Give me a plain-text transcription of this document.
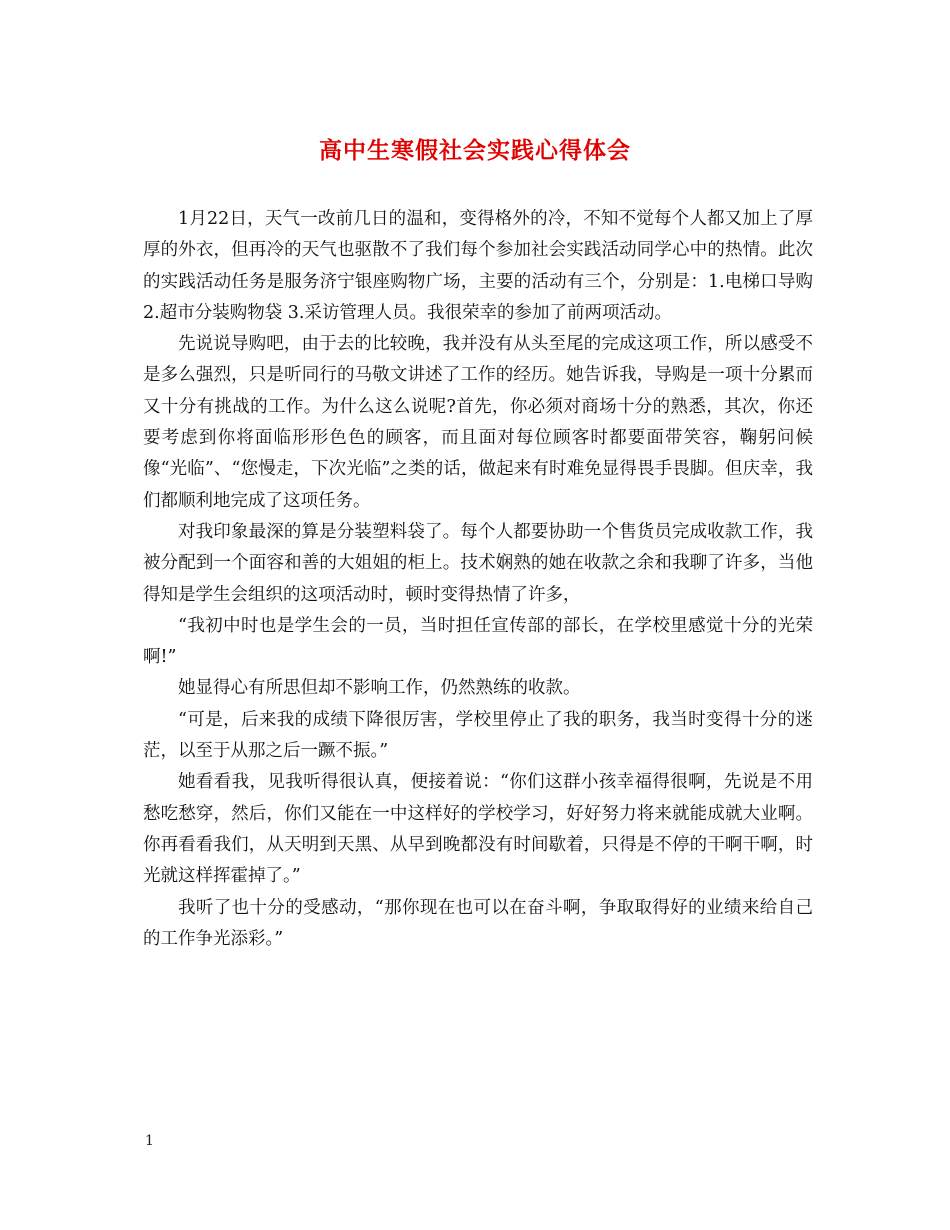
高中生寒假社会实践心得体会

1月22日，天气一改前几日的温和，变得格外的冷，不知不觉每个人都又加上了厚厚的外衣，但再冷的天气也驱散不了我们每个参加社会实践活动同学心中的热情。此次的实践活动任务是服务济宁银座购物广场，主要的活动有三个，分别是：1.电梯口导购 2.超市分装购物袋 3.采访管理人员。我很荣幸的参加了前两项活动。

先说说导购吧，由于去的比较晚，我并没有从头至尾的完成这项工作，所以感受不是多么强烈，只是听同行的马敬文讲述了工作的经历。她告诉我，导购是一项十分累而又十分有挑战的工作。为什么这么说呢?首先，你必须对商场十分的熟悉，其次，你还要考虑到你将面临形形色色的顾客，而且面对每位顾客时都要面带笑容，鞠躬问候像“光临”、“您慢走，下次光临”之类的话，做起来有时难免显得畏手畏脚。但庆幸，我们都顺利地完成了这项任务。

对我印象最深的算是分装塑料袋了。每个人都要协助一个售货员完成收款工作，我被分配到一个面容和善的大姐姐的柜上。技术娴熟的她在收款之余和我聊了许多，当他得知是学生会组织的这项活动时，顿时变得热情了许多，

“我初中时也是学生会的一员，当时担任宣传部的部长，在学校里感觉十分的光荣啊!”

她显得心有所思但却不影响工作，仍然熟练的收款。

“可是，后来我的成绩下降很厉害，学校里停止了我的职务，我当时变得十分的迷茫，以至于从那之后一蹶不振。”

她看看我，见我听得很认真，便接着说：“你们这群小孩幸福得很啊，先说是不用愁吃愁穿，然后，你们又能在一中这样好的学校学习，好好努力将来就能成就大业啊。你再看看我们，从天明到天黑、从早到晚都没有时间歇着，只得是不停的干啊干啊，时光就这样挥霍掉了。”

我听了也十分的受感动，“那你现在也可以在奋斗啊，争取取得好的业绩来给自己的工作争光添彩。”

1
